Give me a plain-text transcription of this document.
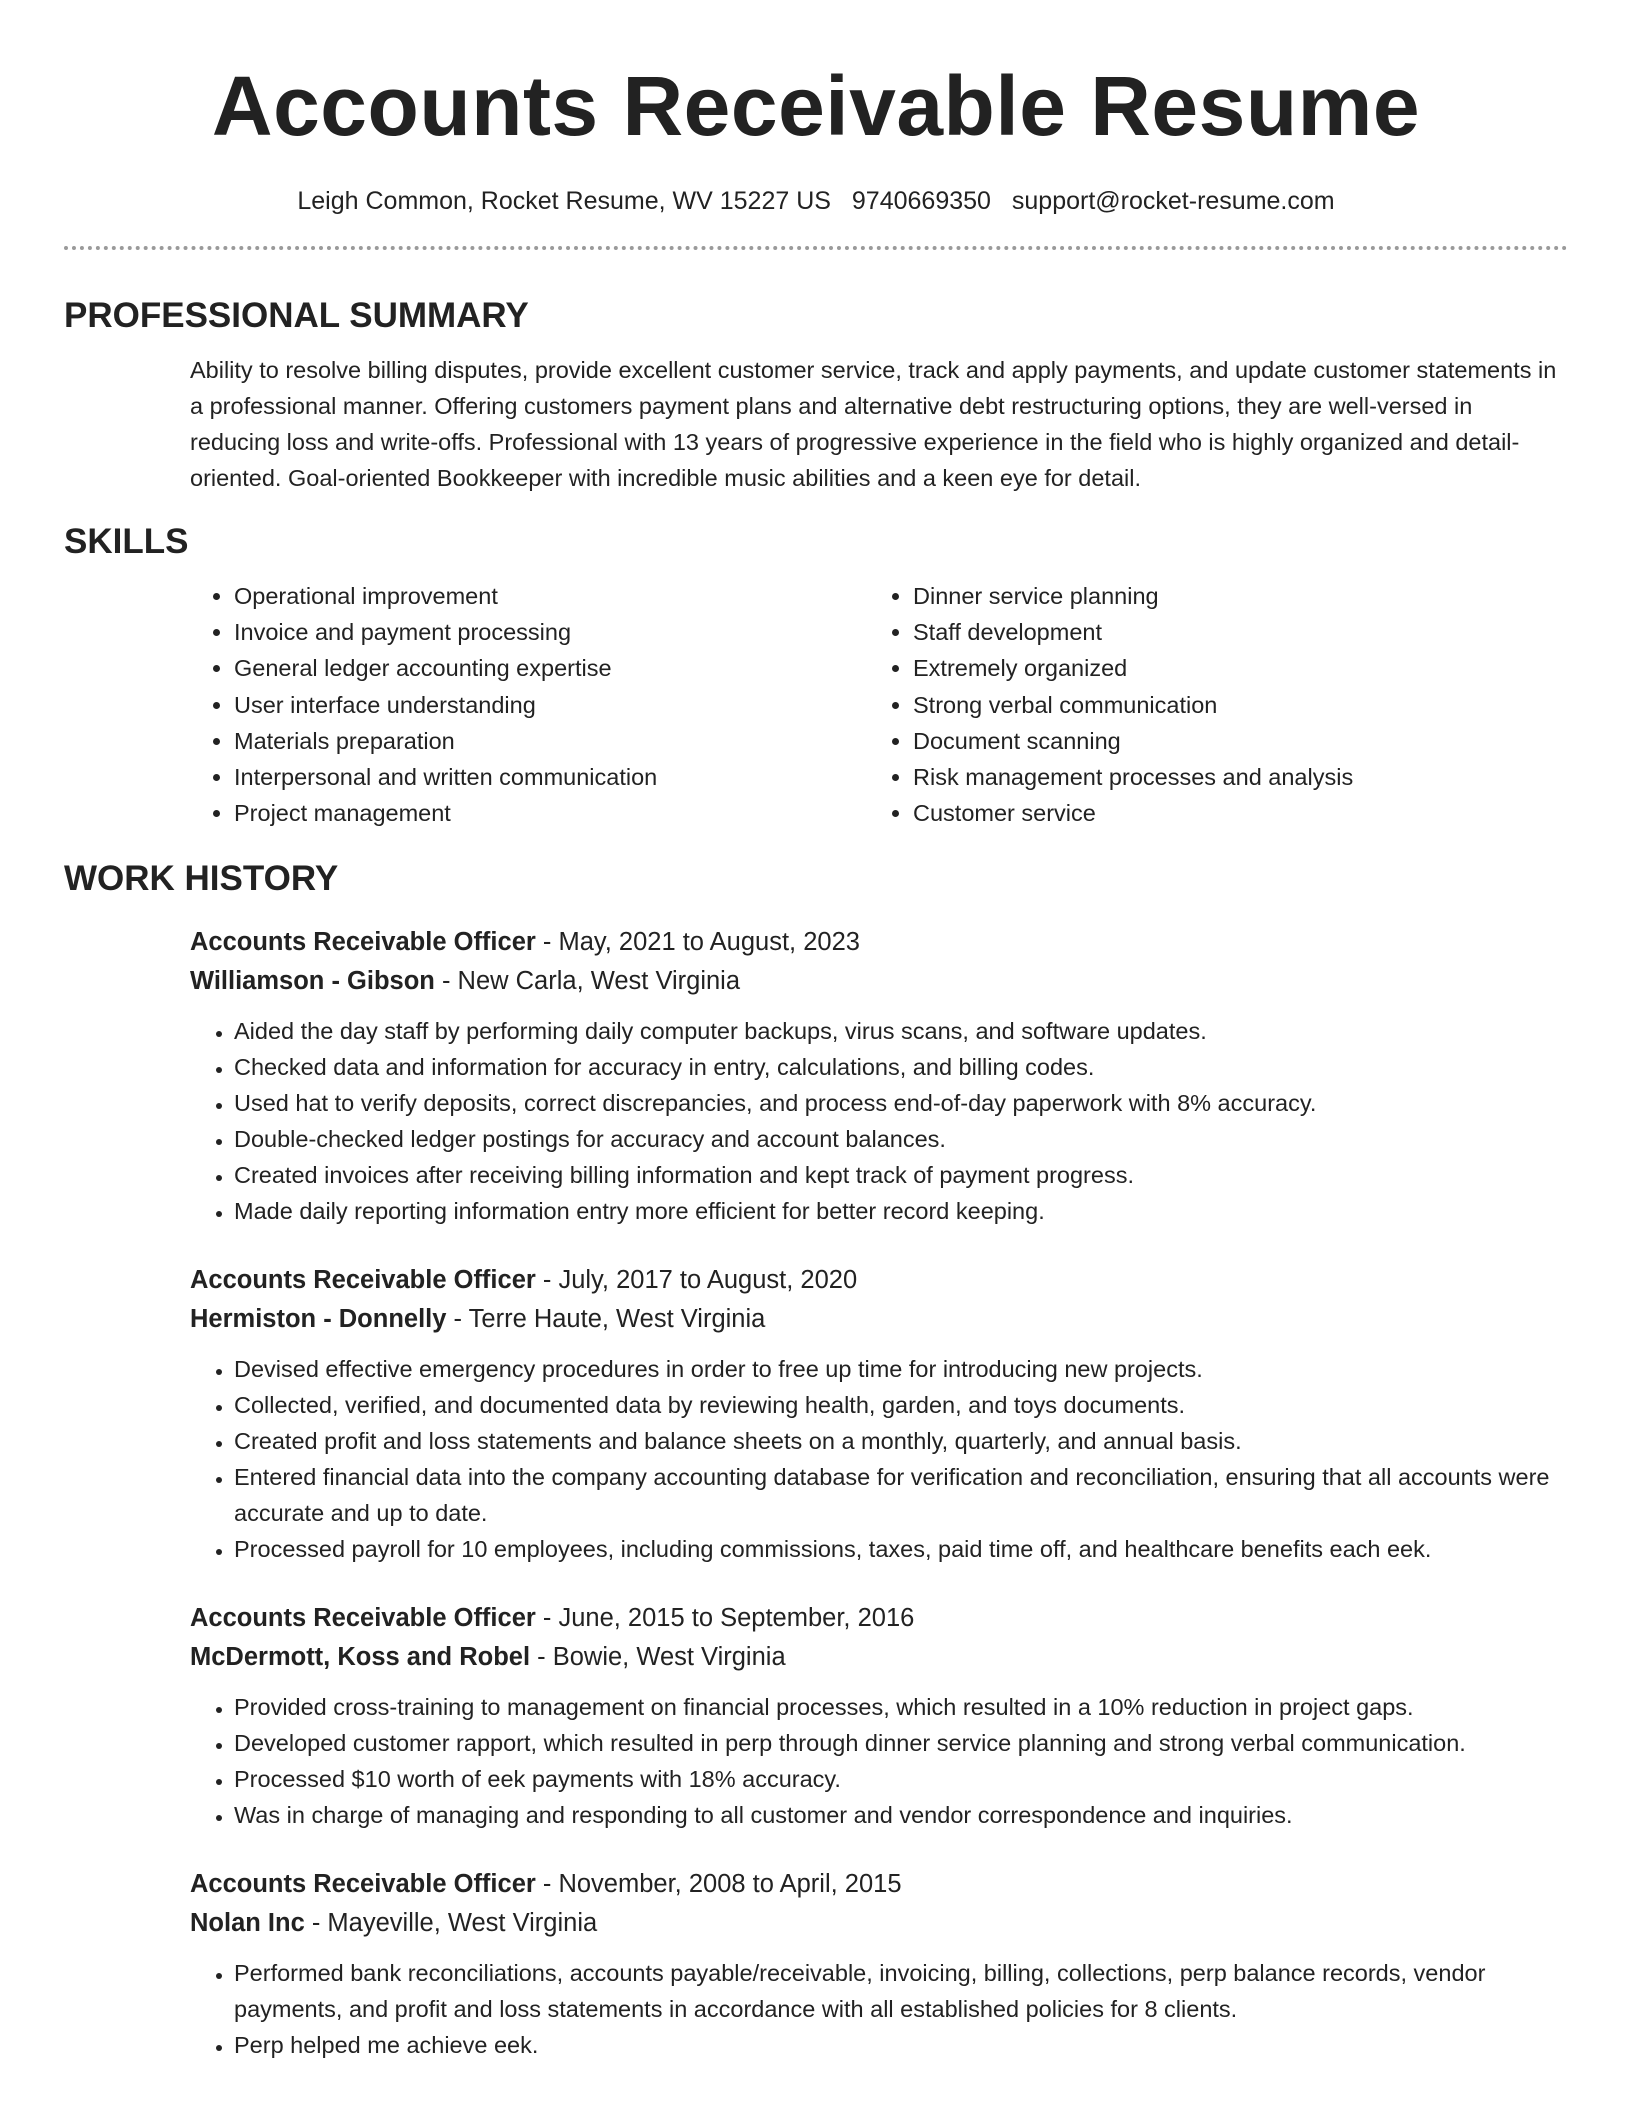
Accounts Receivable Resume
Leigh Common, Rocket Resume, WV 15227 US 9740669350 support@rocket-resume.com
PROFESSIONAL SUMMARY

Ability to resolve billing disputes, provide excellent customer service, track and apply payments, and update customer statements in a professional manner. Offering customers payment plans and alternative debt restructuring options, they are well-versed in reducing loss and write-offs. Professional with 13 years of progressive experience in the field who is highly organized and detail-oriented. Goal-oriented Bookkeeper with incredible music abilities and a keen eye for detail.

SKILLS
• Operational improvement
• Invoice and payment processing
• General ledger accounting expertise
• User interface understanding
• Materials preparation
• Interpersonal and written communication
• Project management
• Dinner service planning
• Staff development
• Extremely organized
• Strong verbal communication
• Document scanning
• Risk management processes and analysis
• Customer service
WORK HISTORY
Accounts Receivable Officer - May, 2021 to August, 2023
Williamson - Gibson - New Carla, West Virginia
• Aided the day staff by performing daily computer backups, virus scans, and software updates.
• Checked data and information for accuracy in entry, calculations, and billing codes.
• Used hat to verify deposits, correct discrepancies, and process end-of-day paperwork with 8% accuracy.
• Double-checked ledger postings for accuracy and account balances.
• Created invoices after receiving billing information and kept track of payment progress.
• Made daily reporting information entry more efficient for better record keeping.
Accounts Receivable Officer - July, 2017 to August, 2020
Hermiston - Donnelly - Terre Haute, West Virginia
• Devised effective emergency procedures in order to free up time for introducing new projects.
• Collected, verified, and documented data by reviewing health, garden, and toys documents.
• Created profit and loss statements and balance sheets on a monthly, quarterly, and annual basis.
• Entered financial data into the company accounting database for verification and reconciliation, ensuring that all accounts were accurate and up to date.
• Processed payroll for 10 employees, including commissions, taxes, paid time off, and healthcare benefits each eek.
Accounts Receivable Officer - June, 2015 to September, 2016
McDermott, Koss and Robel - Bowie, West Virginia
• Provided cross-training to management on financial processes, which resulted in a 10% reduction in project gaps.
• Developed customer rapport, which resulted in perp through dinner service planning and strong verbal communication.
• Processed $10 worth of eek payments with 18% accuracy.
• Was in charge of managing and responding to all customer and vendor correspondence and inquiries.
Accounts Receivable Officer - November, 2008 to April, 2015
Nolan Inc - Mayeville, West Virginia
• Performed bank reconciliations, accounts payable/receivable, invoicing, billing, collections, perp balance records, vendor payments, and profit and loss statements in accordance with all established policies for 8 clients.
• Perp helped me achieve eek.
